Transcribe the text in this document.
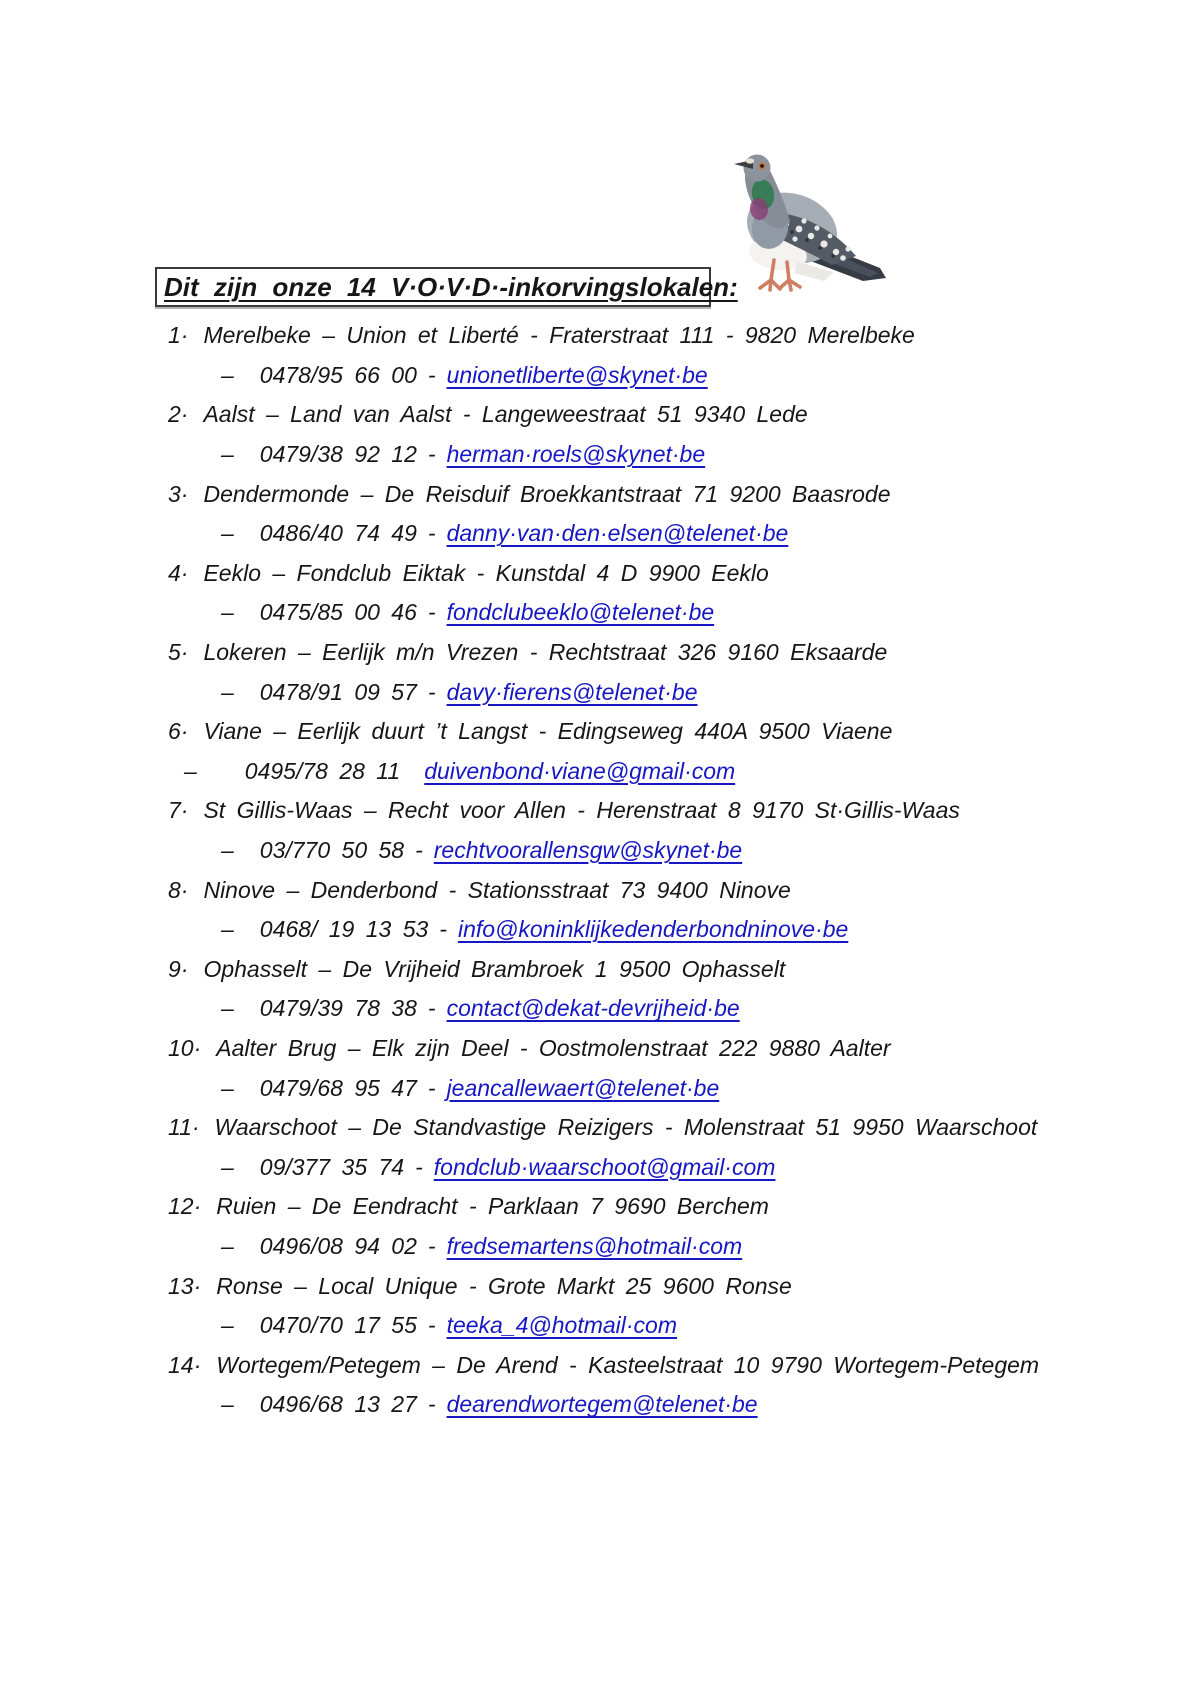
Dit zijn onze 14 V·O·V·D·-inkorvingslokalen:
1· Merelbeke – Union et Liberté - Fraterstraat 111 - 9820 Merelbeke
– 0478/95 66 00 - unionetliberte@skynet·be
2· Aalst – Land van Aalst - Langeweestraat 51 9340 Lede
– 0479/38 92 12 - herman·roels@skynet·be
3· Dendermonde – De Reisduif Broekkantstraat 71 9200 Baasrode
– 0486/40 74 49 - danny·van·den·elsen@telenet·be
4· Eeklo – Fondclub Eiktak - Kunstdal 4 D 9900 Eeklo
– 0475/85 00 46 - fondclubeeklo@telenet·be
5· Lokeren – Eerlijk m/n Vrezen - Rechtstraat 326 9160 Eksaarde
– 0478/91 09 57 - davy·fierens@telenet·be
6· Viane – Eerlijk duurt ’t Langst - Edingseweg 440A 9500 Viaene
– 0495/78 28 11 duivenbond·viane@gmail·com
7· St Gillis-Waas – Recht voor Allen - Herenstraat 8 9170 St·Gillis-Waas
– 03/770 50 58 - rechtvoorallensgw@skynet·be
8· Ninove – Denderbond - Stationsstraat 73 9400 Ninove
– 0468/ 19 13 53 - info@koninklijkedenderbondninove·be
9· Ophasselt – De Vrijheid Brambroek 1 9500 Ophasselt
– 0479/39 78 38 - contact@dekat-devrijheid·be
10· Aalter Brug – Elk zijn Deel - Oostmolenstraat 222 9880 Aalter
– 0479/68 95 47 - jeancallewaert@telenet·be
11· Waarschoot – De Standvastige Reizigers - Molenstraat 51 9950 Waarschoot
– 09/377 35 74 - fondclub·waarschoot@gmail·com
12· Ruien – De Eendracht - Parklaan 7 9690 Berchem
– 0496/08 94 02 - fredsemartens@hotmail·com
13· Ronse – Local Unique - Grote Markt 25 9600 Ronse
– 0470/70 17 55 - teeka_4@hotmail·com
14· Wortegem/Petegem – De Arend - Kasteelstraat 10 9790 Wortegem-Petegem
– 0496/68 13 27 - dearendwortegem@telenet·be
